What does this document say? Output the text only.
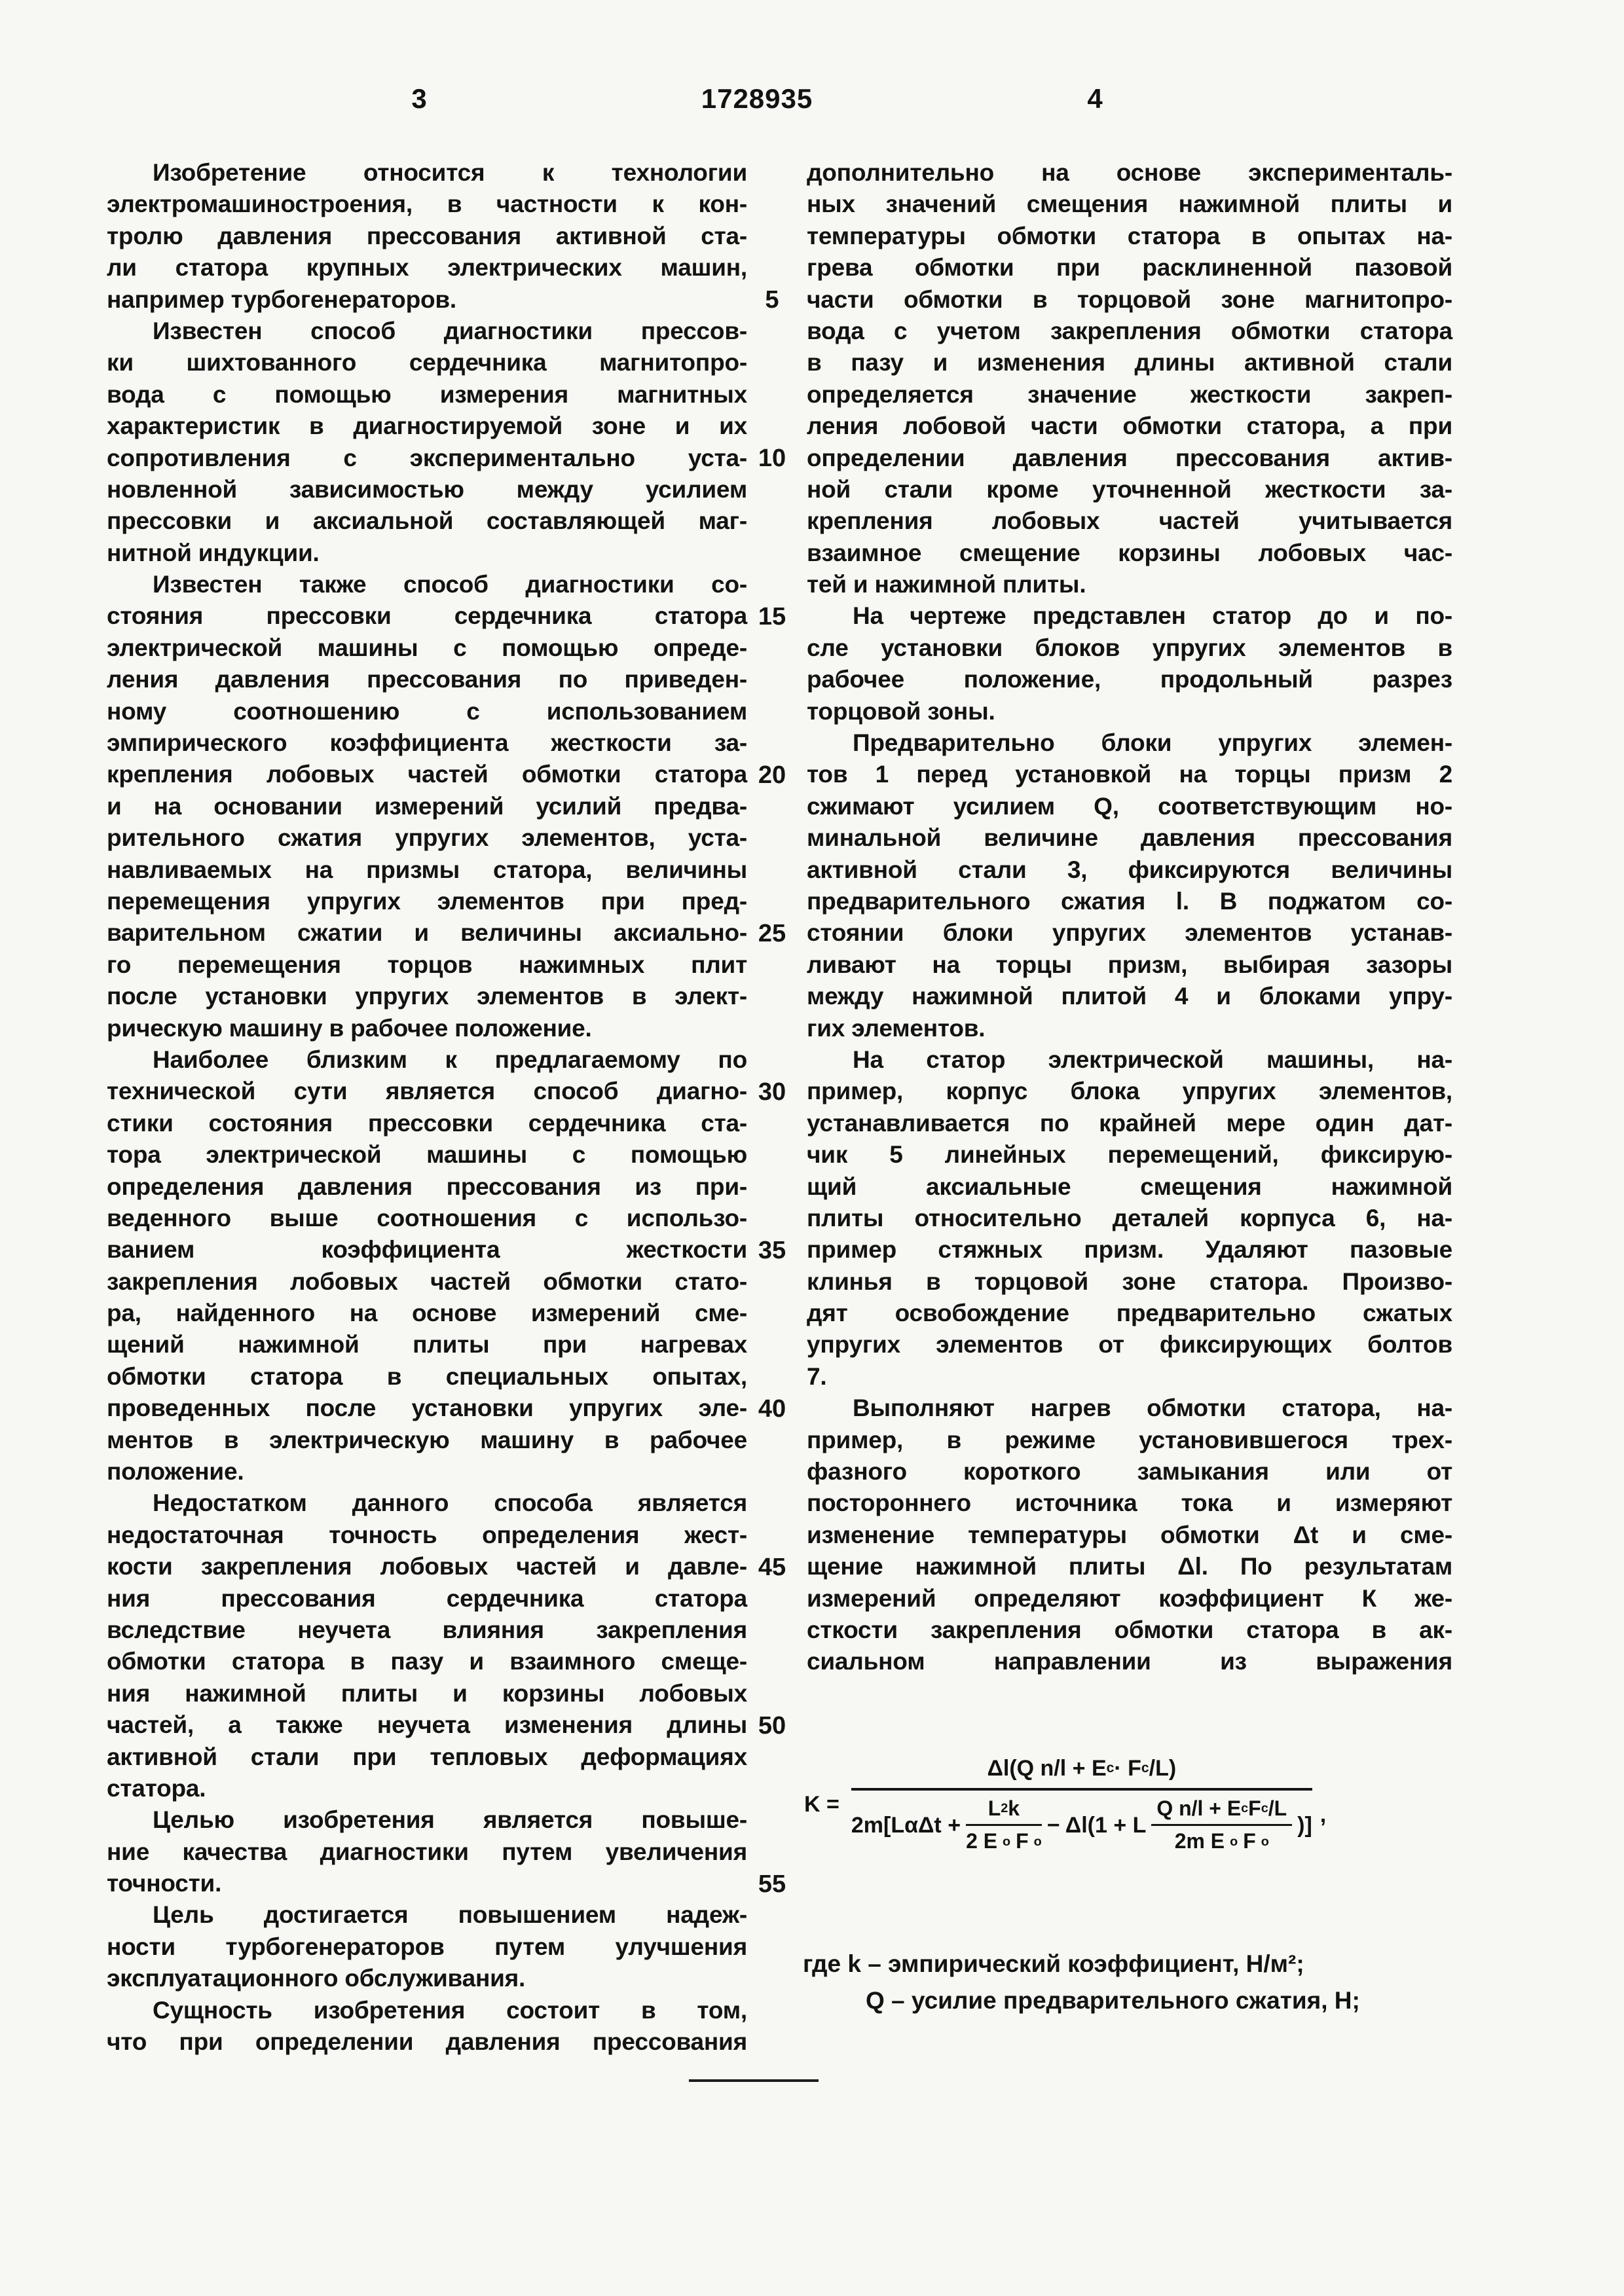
3	1728935	4
Изобретение относится к технологии
электромашиностроения, в частности к кон-
тролю давления прессования активной ста-
ли статора крупных электрических машин,
например турбогенераторов.
Известен способ диагностики прессов-
ки шихтованного сердечника магнитопро-
вода с помощью измерения магнитных
характеристик в диагностируемой зоне и их
сопротивления с экспериментально уста-
новленной зависимостью между усилием
прессовки и аксиальной составляющей маг-
нитной индукции.
Известен также способ диагностики со-
стояния прессовки сердечника статора
электрической машины с помощью опреде-
ления давления прессования по приведен-
ному соотношению с использованием
эмпирического коэффициента жесткости за-
крепления лобовых частей обмотки статора
и на основании измерений усилий предва-
рительного сжатия упругих элементов, уста-
навливаемых на призмы статора, величины
перемещения упругих элементов при пред-
варительном сжатии и величины аксиально-
го перемещения торцов нажимных плит
после установки упругих элементов в элект-
рическую машину в рабочее положение.
Наиболее близким к предлагаемому по
технической сути является способ диагно-
стики состояния прессовки сердечника ста-
тора электрической машины с помощью
определения давления прессования из при-
веденного выше соотношения с использо-
ванием коэффициента жесткости
закрепления лобовых частей обмотки стато-
ра, найденного на основе измерений сме-
щений нажимной плиты при нагревах
обмотки статора в специальных опытах,
проведенных после установки упругих эле-
ментов в электрическую машину в рабочее
положение.
Недостатком данного способа является
недостаточная точность определения жест-
кости закрепления лобовых частей и давле-
ния прессования сердечника статора
вследствие неучета влияния закрепления
обмотки статора в пазу и взаимного смеще-
ния нажимной плиты и корзины лобовых
частей, а также неучета изменения длины
активной стали при тепловых деформациях
статора.
Целью изобретения является повыше-
ние качества диагностики путем увеличения
точности.
Цель достигается повышением надеж-
ности турбогенераторов путем улучшения
эксплуатационного обслуживания.
Сущность изобретения состоит в том,
что при определении давления прессования
дополнительно на основе эксперименталь-
ных значений смещения нажимной плиты и
температуры обмотки статора в опытах на-
грева обмотки при расклиненной пазовой
части обмотки в торцовой зоне магнитопро-
вода с учетом закрепления обмотки статора
в пазу и изменения длины активной стали
определяется значение жесткости закреп-
ления лобовой части обмотки статора, а при
определении давления прессования актив-
ной стали кроме уточненной жесткости за-
крепления лобовых частей учитывается
взаимное смещение корзины лобовых час-
тей и нажимной плиты.
На чертеже представлен статор до и по-
сле установки блоков упругих элементов в
рабочее положение, продольный разрез
торцовой зоны.
Предварительно блоки упругих элемен-
тов 1 перед установкой на торцы призм 2
сжимают усилием Q, соответствующим но-
минальной величине давления прессования
активной стали 3, фиксируются величины
предварительного сжатия l. В поджатом со-
стоянии блоки упругих элементов устанав-
ливают на торцы призм, выбирая зазоры
между нажимной плитой 4 и блоками упру-
гих элементов.
На статор электрической машины, на-
пример, корпус блока упругих элементов,
устанавливается по крайней мере один дат-
чик 5 линейных перемещений, фиксирую-
щий аксиальные смещения нажимной
плиты относительно деталей корпуса 6, на-
пример стяжных призм. Удаляют пазовые
клинья в торцовой зоне статора. Произво-
дят освобождение предварительно сжатых
упругих элементов от фиксирующих болтов
7.
Выполняют нагрев обмотки статора, на-
пример, в режиме установившегося трех-
фазного короткого замыкания или от
постороннего источника тока и измеряют
изменение температуры обмотки Δt и сме-
щение нажимной плиты Δl. По результатам
измерений определяют коэффициент К же-
сткости закрепления обмотки статора в ак-
сиальном направлении из выражения
5
10
15
20
25
30
35
40
45
50
55
$K = \frac{\text{Δl(Q n/l + E c · F c /L)}}{2m[L\alpha\Delta t + \frac{L 2 k}{\text{2 E o F o}} - \Delta l(1 + L \frac{\text{Q n/l + E c F c /L}}{\text{2m E o F o}} )]}$ ,
где k – эмпирический коэффициент, Н/м²;
Q – усилие предварительного сжатия, Н;
